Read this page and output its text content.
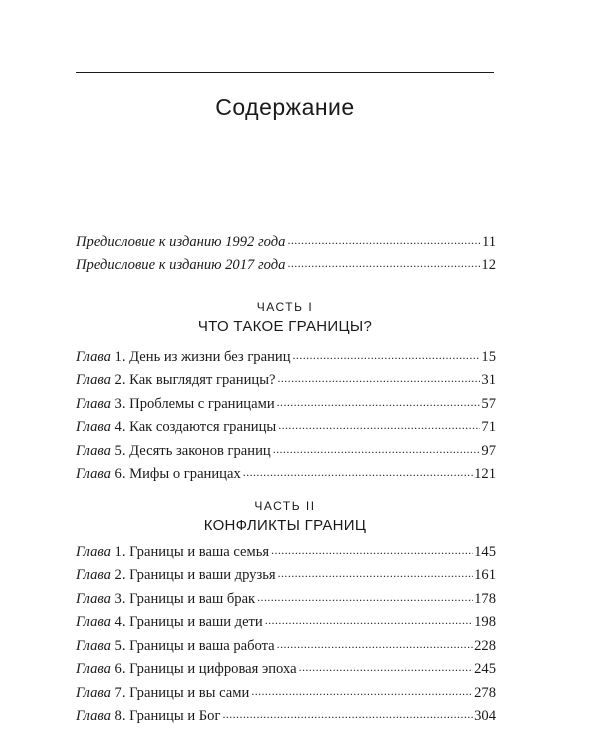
Содержание
Предисловие к изданию 1992 года .....	11
Предисловие к изданию 2017 года .....	12
ЧАСТЬ I
ЧТО ТАКОЕ ГРАНИЦЫ?
Глава 1. День из жизни без границ .....	15
Глава 2. Как выглядят границы? .....	31
Глава 3. Проблемы с границами .....	57
Глава 4. Как создаются границы .....	71
Глава 5. Десять законов границ .....	97
Глава 6. Мифы о границах .....	121
ЧАСТЬ II
КОНФЛИКТЫ ГРАНИЦ
Глава 1. Границы и ваша семья .....	145
Глава 2. Границы и ваши друзья .....	161
Глава 3. Границы и ваш брак .....	178
Глава 4. Границы и ваши дети .....	198
Глава 5. Границы и ваша работа .....	228
Глава 6. Границы и цифровая эпоха .....	245
Глава 7. Границы и вы сами .....	278
Глава 8. Границы и Бог .....	304
